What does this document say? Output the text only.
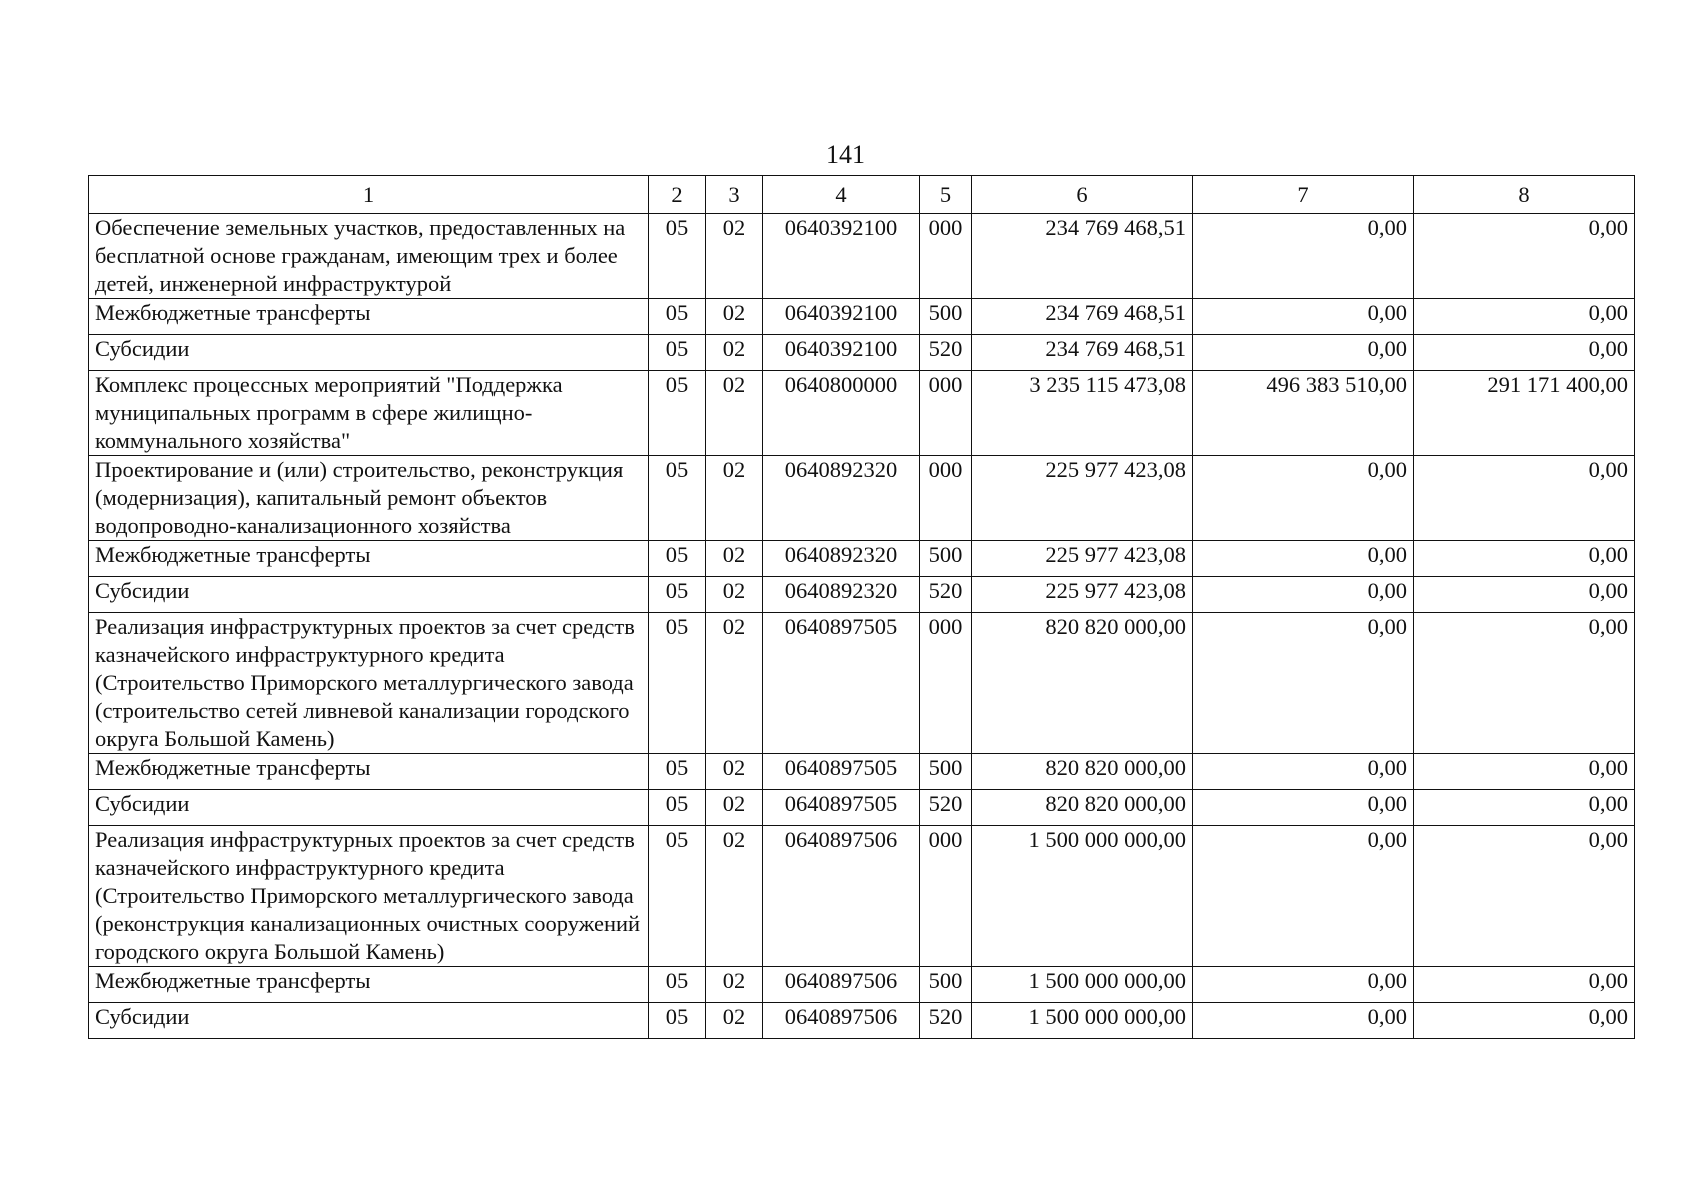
141
1	2	3	4	5	6	7	8
Обеспечение земельных участков, предоставленных на бесплатной основе гражданам, имеющим трех и более детей, инженерной инфраструктурой	05	02	0640392100	000	234 769 468,51	0,00	0,00
Межбюджетные трансферты	05	02	0640392100	500	234 769 468,51	0,00	0,00
Субсидии	05	02	0640392100	520	234 769 468,51	0,00	0,00
Комплекс процессных мероприятий "Поддержка муниципальных программ в сфере жилищно-коммунального хозяйства"	05	02	0640800000	000	3 235 115 473,08	496 383 510,00	291 171 400,00
Проектирование и (или) строительство, реконструкция (модернизация), капитальный ремонт объектов водопроводно-канализационного хозяйства	05	02	0640892320	000	225 977 423,08	0,00	0,00
Межбюджетные трансферты	05	02	0640892320	500	225 977 423,08	0,00	0,00
Субсидии	05	02	0640892320	520	225 977 423,08	0,00	0,00
Реализация инфраструктурных проектов за счет средств казначейского инфраструктурного кредита (Строительство Приморского металлургического завода (строительство сетей ливневой канализации городского округа Большой Камень)	05	02	0640897505	000	820 820 000,00	0,00	0,00
Межбюджетные трансферты	05	02	0640897505	500	820 820 000,00	0,00	0,00
Субсидии	05	02	0640897505	520	820 820 000,00	0,00	0,00
Реализация инфраструктурных проектов за счет средств казначейского инфраструктурного кредита (Строительство Приморского металлургического завода (реконструкция канализационных очистных сооружений городского округа Большой Камень)	05	02	0640897506	000	1 500 000 000,00	0,00	0,00
Межбюджетные трансферты	05	02	0640897506	500	1 500 000 000,00	0,00	0,00
Субсидии	05	02	0640897506	520	1 500 000 000,00	0,00	0,00
